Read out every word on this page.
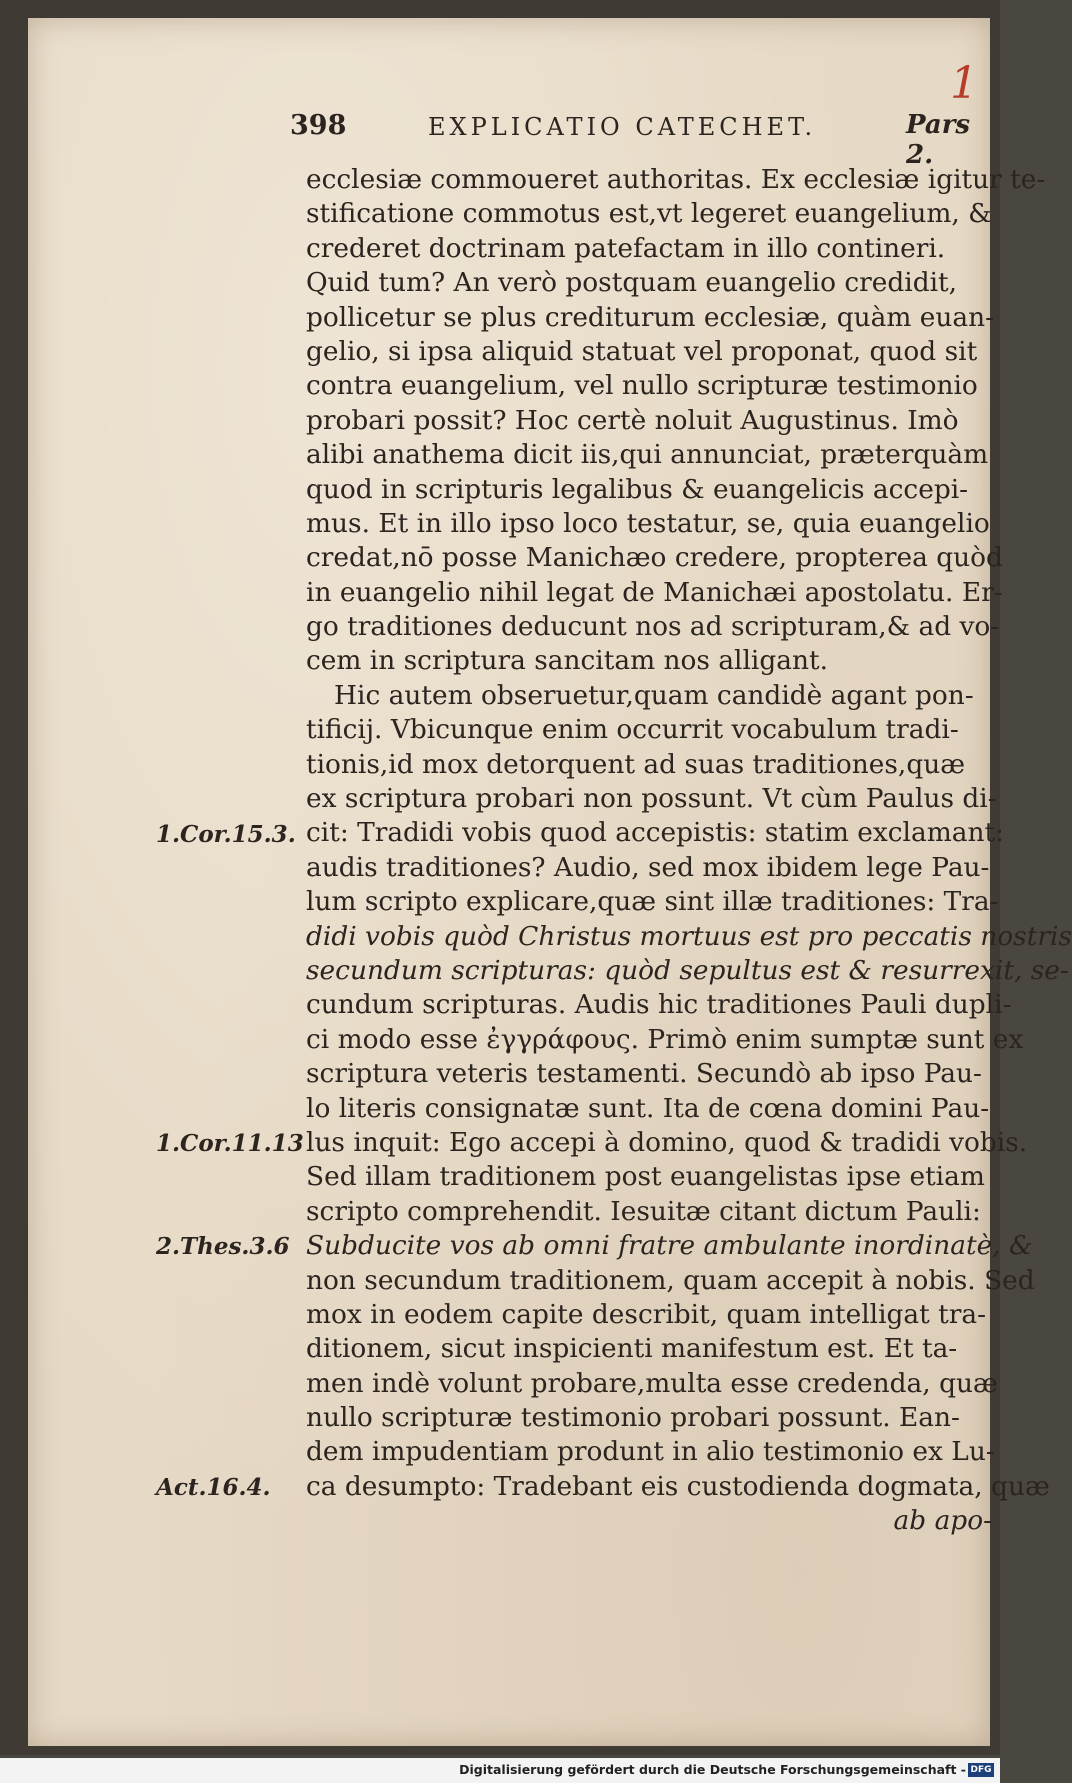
398	EXPLICATIO CATECHET.	Pars 2.
1
ecclesiæ commoueret authoritas. Ex ecclesiæ igitur te-
stificatione commotus est,vt legeret euangelium, &
crederet doctrinam patefactam in illo contineri.
Quid tum? An verò postquam euangelio credidit,
pollicetur se plus crediturum ecclesiæ, quàm euan-
gelio, si ipsa aliquid statuat vel proponat, quod sit
contra euangelium, vel nullo scripturæ testimonio
probari possit? Hoc certè noluit Augustinus. Imò
alibi anathema dicit iis,qui annunciat, præterquàm
quod in scripturis legalibus & euangelicis accepi-
mus. Et in illo ipso loco testatur, se, quia euangelio
credat,nō posse Manichæo credere, propterea quòd
in euangelio nihil legat de Manichæi apostolatu. Er-
go traditiones deducunt nos ad scripturam,& ad vo-
cem in scriptura sancitam nos alligant.
Hic autem obseruetur,quam candidè agant pon-
tificij. Vbicunque enim occurrit vocabulum tradi-
tionis,id mox detorquent ad suas traditiones,quæ
ex scriptura probari non possunt. Vt cùm Paulus di-
cit: Tradidi vobis quod accepistis: statim exclamant:
audis traditiones? Audio, sed mox ibidem lege Pau-
lum scripto explicare,quæ sint illæ traditiones: Tra-
didi vobis quòd Christus mortuus est pro peccatis nostris
secundum scripturas: quòd sepultus est & resurrexit, se-
cundum scripturas. Audis hic traditiones Pauli dupli-
ci modo esse ἐγγράφους. Primò enim sumptæ sunt ex
scriptura veteris testamenti. Secundò ab ipso Pau-
lo literis consignatæ sunt. Ita de cœna domini Pau-
lus inquit: Ego accepi à domino, quod & tradidi vobis.
Sed illam traditionem post euangelistas ipse etiam
scripto comprehendit. Iesuitæ citant dictum Pauli:
Subducite vos ab omni fratre ambulante inordinatè, &
non secundum traditionem, quam accepit à nobis. Sed
mox in eodem capite describit, quam intelligat tra-
ditionem, sicut inspicienti manifestum est. Et ta-
men indè volunt probare,multa esse credenda, quæ
nullo scripturæ testimonio probari possunt. Ean-
dem impudentiam produnt in alio testimonio ex Lu-
ca desumpto: Tradebant eis custodienda dogmata, quæ
ab apo-
1.Cor.15.3.
1.Cor.11.13
2.Thes.3.6
Act.16.4.
Digitalisierung gefördert durch die Deutsche Forschungsgemeinschaft - DFG
